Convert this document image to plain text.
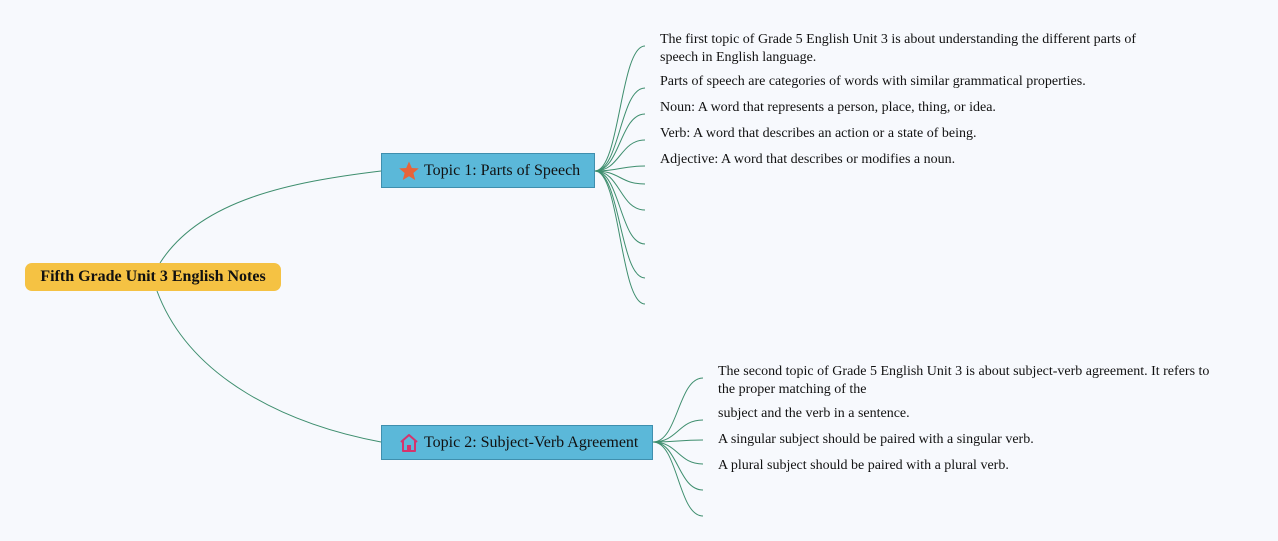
Fifth Grade Unit 3 English Notes
Topic 1: Parts of Speech
Topic 2: Subject-Verb Agreement
The first topic of Grade 5 English Unit 3 is about understanding the different parts of speech in English language.
Parts of speech are categories of words with similar grammatical properties.
Noun: A word that represents a person, place, thing, or idea.
Verb: A word that describes an action or a state of being.
Adjective: A word that describes or modifies a noun.
The second topic of Grade 5 English Unit 3 is about subject-verb agreement. It refers to the proper matching of the
subject and the verb in a sentence.
A singular subject should be paired with a singular verb.
A plural subject should be paired with a plural verb.
